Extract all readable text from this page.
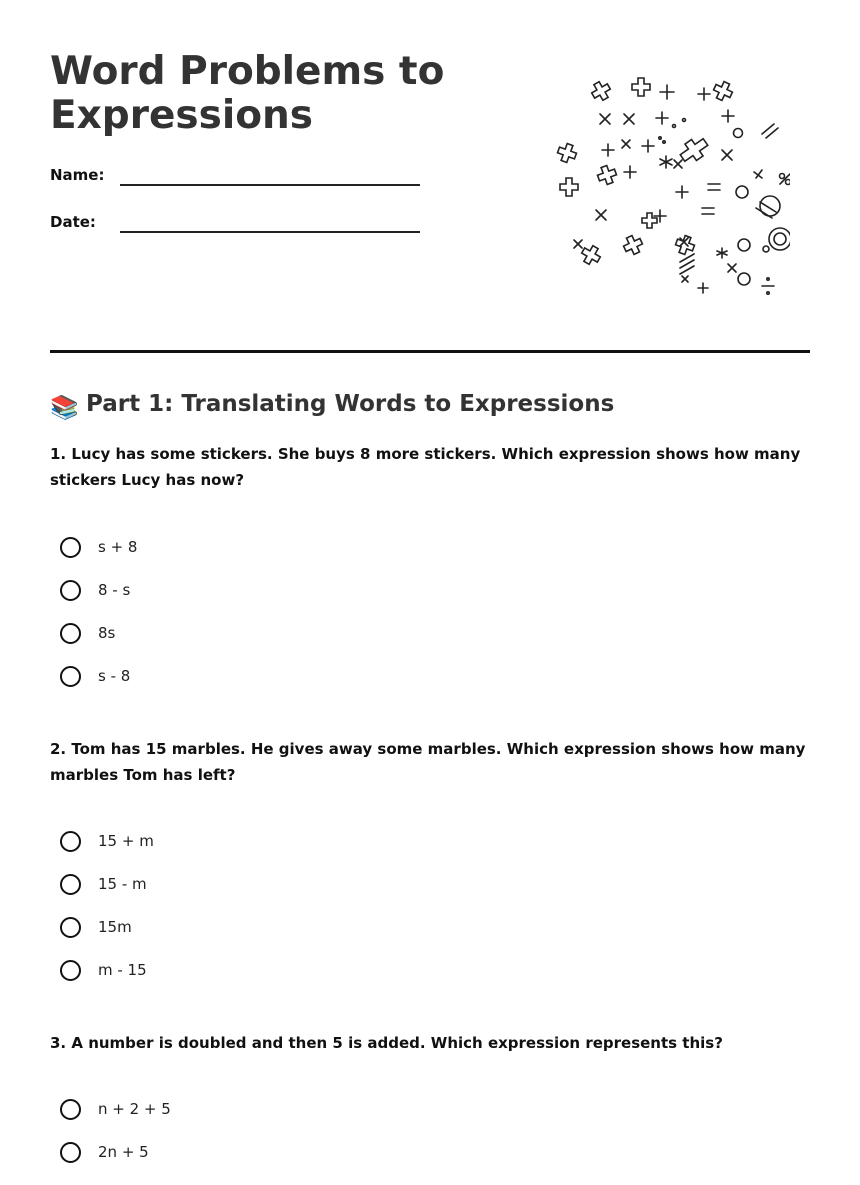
Word Problems to Expressions
Name:
Date:
📚 Part 1: Translating Words to Expressions

1. Lucy has some stickers. She buys 8 more stickers. Which expression shows how many stickers Lucy has now?

s + 8
8 - s
8s
s - 8

2. Tom has 15 marbles. He gives away some marbles. Which expression shows how many marbles Tom has left?

15 + m
15 - m
15m
m - 15

3. A number is doubled and then 5 is added. Which expression represents this?

n + 2 + 5
2n + 5
